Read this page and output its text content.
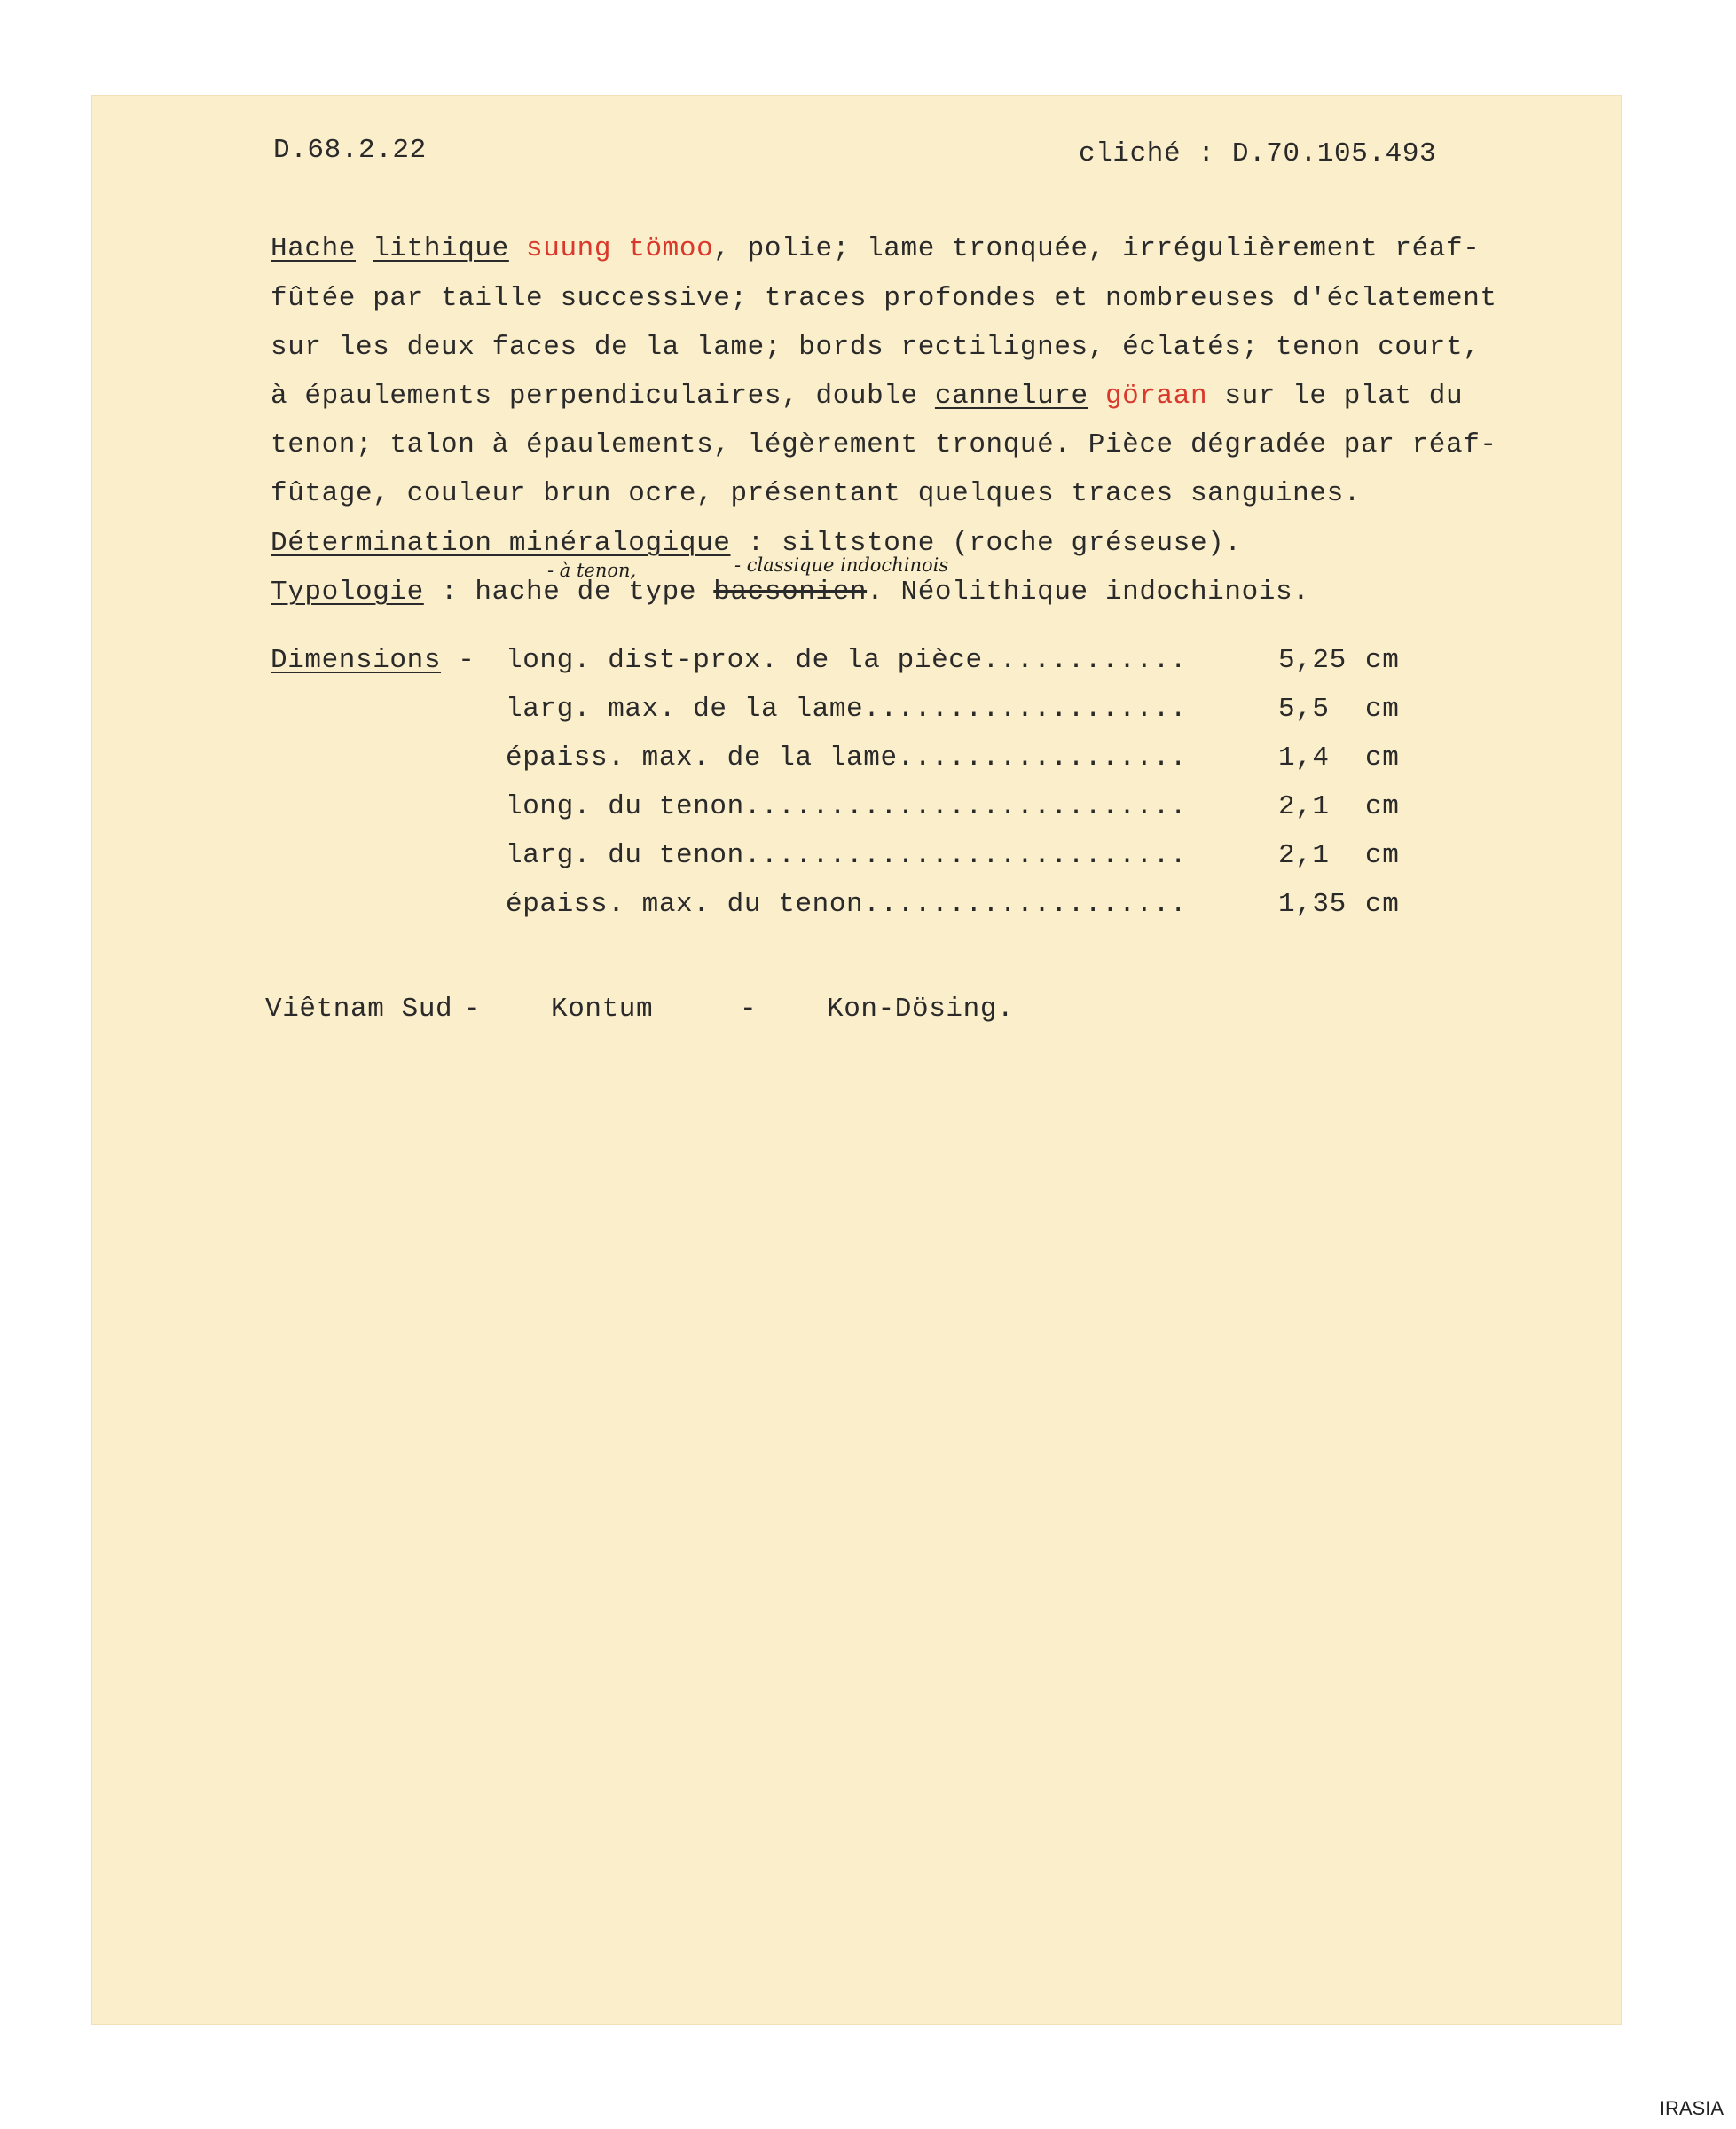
D.68.2.22	cliché : D.70.105.493
Hache lithique suung tömoo, polie; lame tronquée, irrégulièrement réaf-
fûtée par taille successive; traces profondes et nombreuses d'éclatement
sur les deux faces de la lame; bords rectilignes, éclatés; tenon court,
à épaulements perpendiculaires, double cannelure göraan sur le plat du
tenon; talon à épaulements, légèrement tronqué. Pièce dégradée par réaf-
fûtage, couleur brun ocre, présentant quelques traces sanguines.
Détermination minéralogique : siltstone (roche gréseuse).
- à tenon,	- classique indochinois
Typologie : hache de type bacsonien. Néolithique indochinois.
Dimensions - long. dist-prox. de la pièce............	5,25 cm
larg. max. de la lame...................	5,5 cm
épaiss. max. de la lame.................	1,4 cm
long. du tenon..........................	2,1 cm
larg. du tenon..........................	2,1 cm
épaiss. max. du tenon...................	1,35 cm
Viêtnam Sud -	Kontum	-	Kon-Dösing.
IRASIA
